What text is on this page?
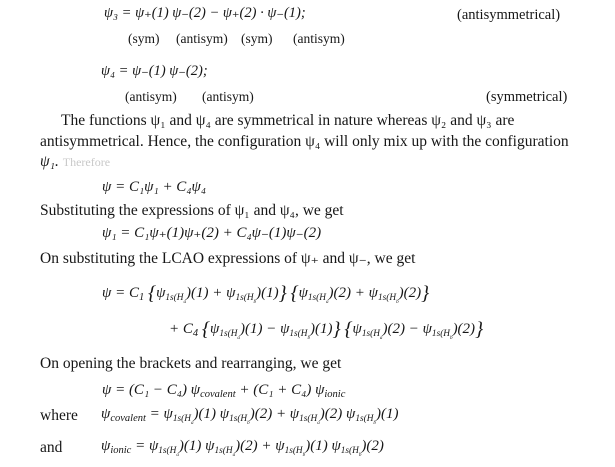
ψ₃ = ψ₊(1) ψ₋(2) − ψ₊(2) · ψ₋(1);	(antisymmetrical)
(sym) (antisym) (sym) (antisym)
ψ₄ = ψ₋(1) ψ₋(2);
(antisym) (antisym)	(symmetrical)
The functions ψ₁ and ψ₄ are symmetrical in nature whereas ψ₂ and ψ₃ are
antisymmetrical. Hence, the configuration ψ₄ will only mix up with the configuration
ψ₁. Therefore
ψ = C₁ψ₁ + C₄ψ₄
Substituting the expressions of ψ₁ and ψ₄, we get
ψ₁ = C₁ψ₊(1)ψ₊(2) + C₄ψ₋(1)ψ₋(2)
On substituting the LCAO expressions of ψ₊ and ψ₋, we get
$\psi = C_1$ $\{\psi_{1s(H_a})(1) + \psi_{1s(H_b})(1)\} \{\psi_{1s(H_a})(2) + \psi_{1s(H_b})(2)$}
+ $C_4$ $\{\psi_{1s(H_a})(1) - \psi_{1s(H_b})(1)\} \{\psi_{1s(H_a})(2) - \psi_{1s(H_b})(2)$}
On opening the brackets and rearranging, we get
ψ = (C₁ − C₄) $\psi_{covalent} + (C_1 + C_4)$ $\psi_{ionic}$
where $\psi_{covalent} = \psi_{1s(H_a})(1)$ $\psi_{1s(H_b})(2) + \psi_{1s(H_a})(2)$ $\psi_{1s(H_b})(1)$
and	$\psi_{ionic} = \psi_{1s(H_a})(1)$ $\psi_{1s(H_a})(2) + \psi_{1s(H_b})(1)$ $\psi_{1s(H_b})(2)$
